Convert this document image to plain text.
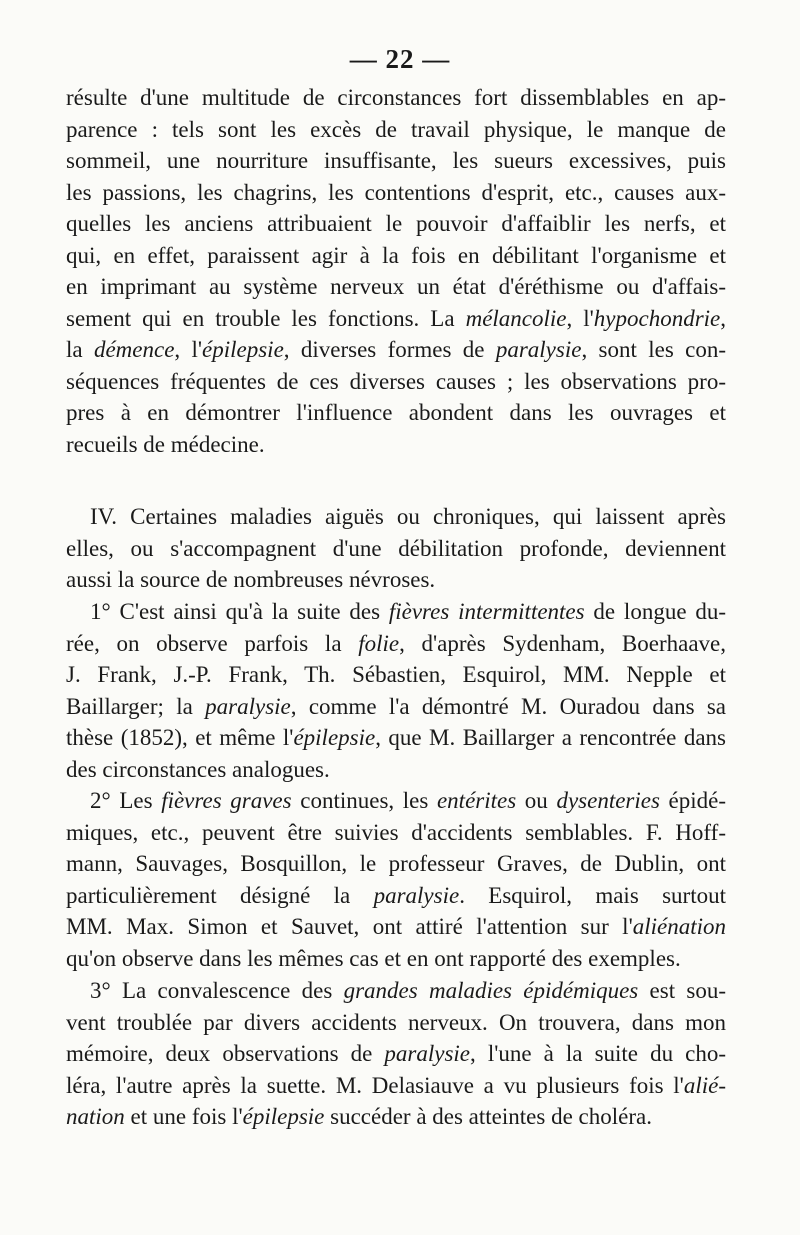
— 22 —
résulte d'une multitude de circonstances fort dissemblables en ap-
parence : tels sont les excès de travail physique, le manque de
sommeil, une nourriture insuffisante, les sueurs excessives, puis
les passions, les chagrins, les contentions d'esprit, etc., causes aux-
quelles les anciens attribuaient le pouvoir d'affaiblir les nerfs, et
qui, en effet, paraissent agir à la fois en débilitant l'organisme et
en imprimant au système nerveux un état d'éréthisme ou d'affais-
sement qui en trouble les fonctions. La mélancolie, l'hypochondrie,
la démence, l'épilepsie, diverses formes de paralysie, sont les con-
séquences fréquentes de ces diverses causes ; les observations pro-
pres à en démontrer l'influence abondent dans les ouvrages et
recueils de médecine.
IV. Certaines maladies aiguës ou chroniques, qui laissent après
elles, ou s'accompagnent d'une débilitation profonde, deviennent
aussi la source de nombreuses névroses.
1° C'est ainsi qu'à la suite des fièvres intermittentes de longue du-
rée, on observe parfois la folie, d'après Sydenham, Boerhaave,
J. Frank, J.-P. Frank, Th. Sébastien, Esquirol, MM. Nepple et
Baillarger; la paralysie, comme l'a démontré M. Ouradou dans sa
thèse (1852), et même l'épilepsie, que M. Baillarger a rencontrée dans
des circonstances analogues.
2° Les fièvres graves continues, les entérites ou dysenteries épidé-
miques, etc., peuvent être suivies d'accidents semblables. F. Hoff-
mann, Sauvages, Bosquillon, le professeur Graves, de Dublin, ont
particulièrement désigné la paralysie. Esquirol, mais surtout
MM. Max. Simon et Sauvet, ont attiré l'attention sur l'aliénation
qu'on observe dans les mêmes cas et en ont rapporté des exemples.
3° La convalescence des grandes maladies épidémiques est sou-
vent troublée par divers accidents nerveux. On trouvera, dans mon
mémoire, deux observations de paralysie, l'une à la suite du cho-
léra, l'autre après la suette. M. Delasiauve a vu plusieurs fois l'alié-
nation et une fois l'épilepsie succéder à des atteintes de choléra.
